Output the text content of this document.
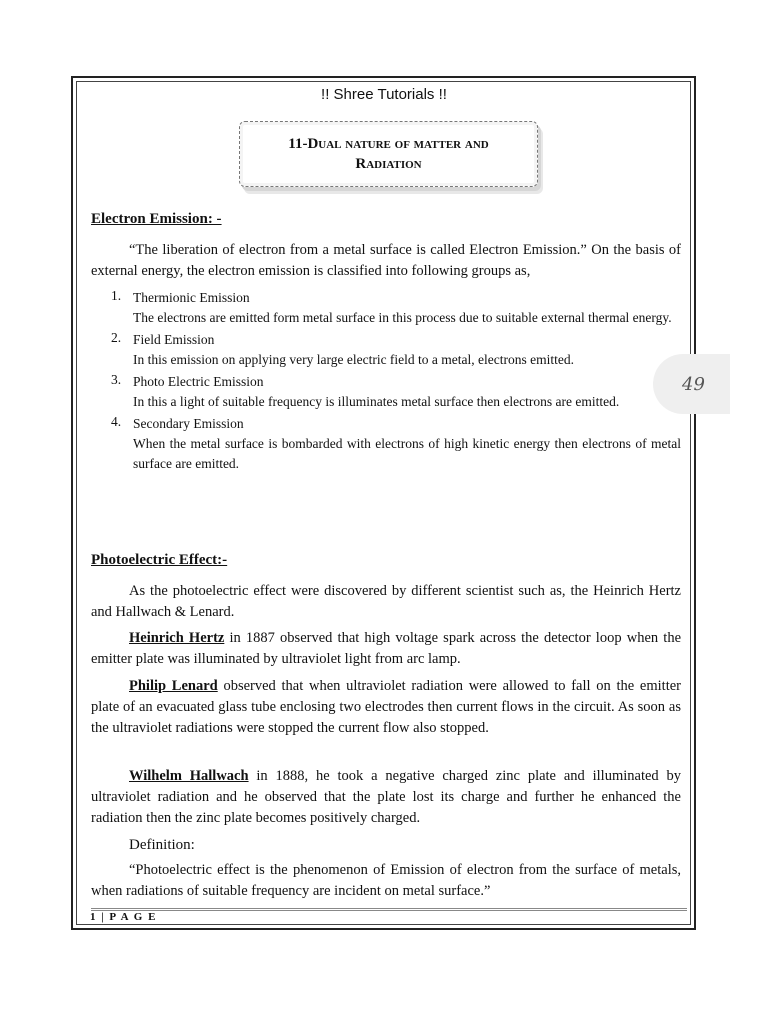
!! Shree Tutorials !!
11-Dual nature of matter and Radiation
Electron Emission: -

“The liberation of electron from a metal surface is called Electron Emission.” On the basis of external energy, the electron emission is classified into following groups as,

1. Thermionic Emission
The electrons are emitted form metal surface in this process due to suitable external thermal energy.
2. Field Emission
In this emission on applying very large electric field to a metal, electrons emitted.
3. Photo Electric Emission
In this a light of suitable frequency is illuminates metal surface then electrons are emitted.
4. Secondary Emission
When the metal surface is bombarded with electrons of high kinetic energy then electrons of metal surface are emitted.
Photoelectric Effect:-

As the photoelectric effect were discovered by different scientist such as, the Heinrich Hertz and Hallwach & Lenard.

Heinrich Hertz in 1887 observed that high voltage spark across the detector loop when the emitter plate was illuminated by ultraviolet light from arc lamp.

Philip Lenard observed that when ultraviolet radiation were allowed to fall on the emitter plate of an evacuated glass tube enclosing two electrodes then current flows in the circuit. As soon as the ultraviolet radiations were stopped the current flow also stopped.

Wilhelm Hallwach in 1888, he took a negative charged zinc plate and illuminated by ultraviolet radiation and he observed that the plate lost its charge and further he enhanced the radiation then the zinc plate becomes positively charged.

Definition:

“Photoelectric effect is the phenomenon of Emission of electron from the surface of metals, when radiations of suitable frequency are incident on metal surface.”

1 | P A G E
49
